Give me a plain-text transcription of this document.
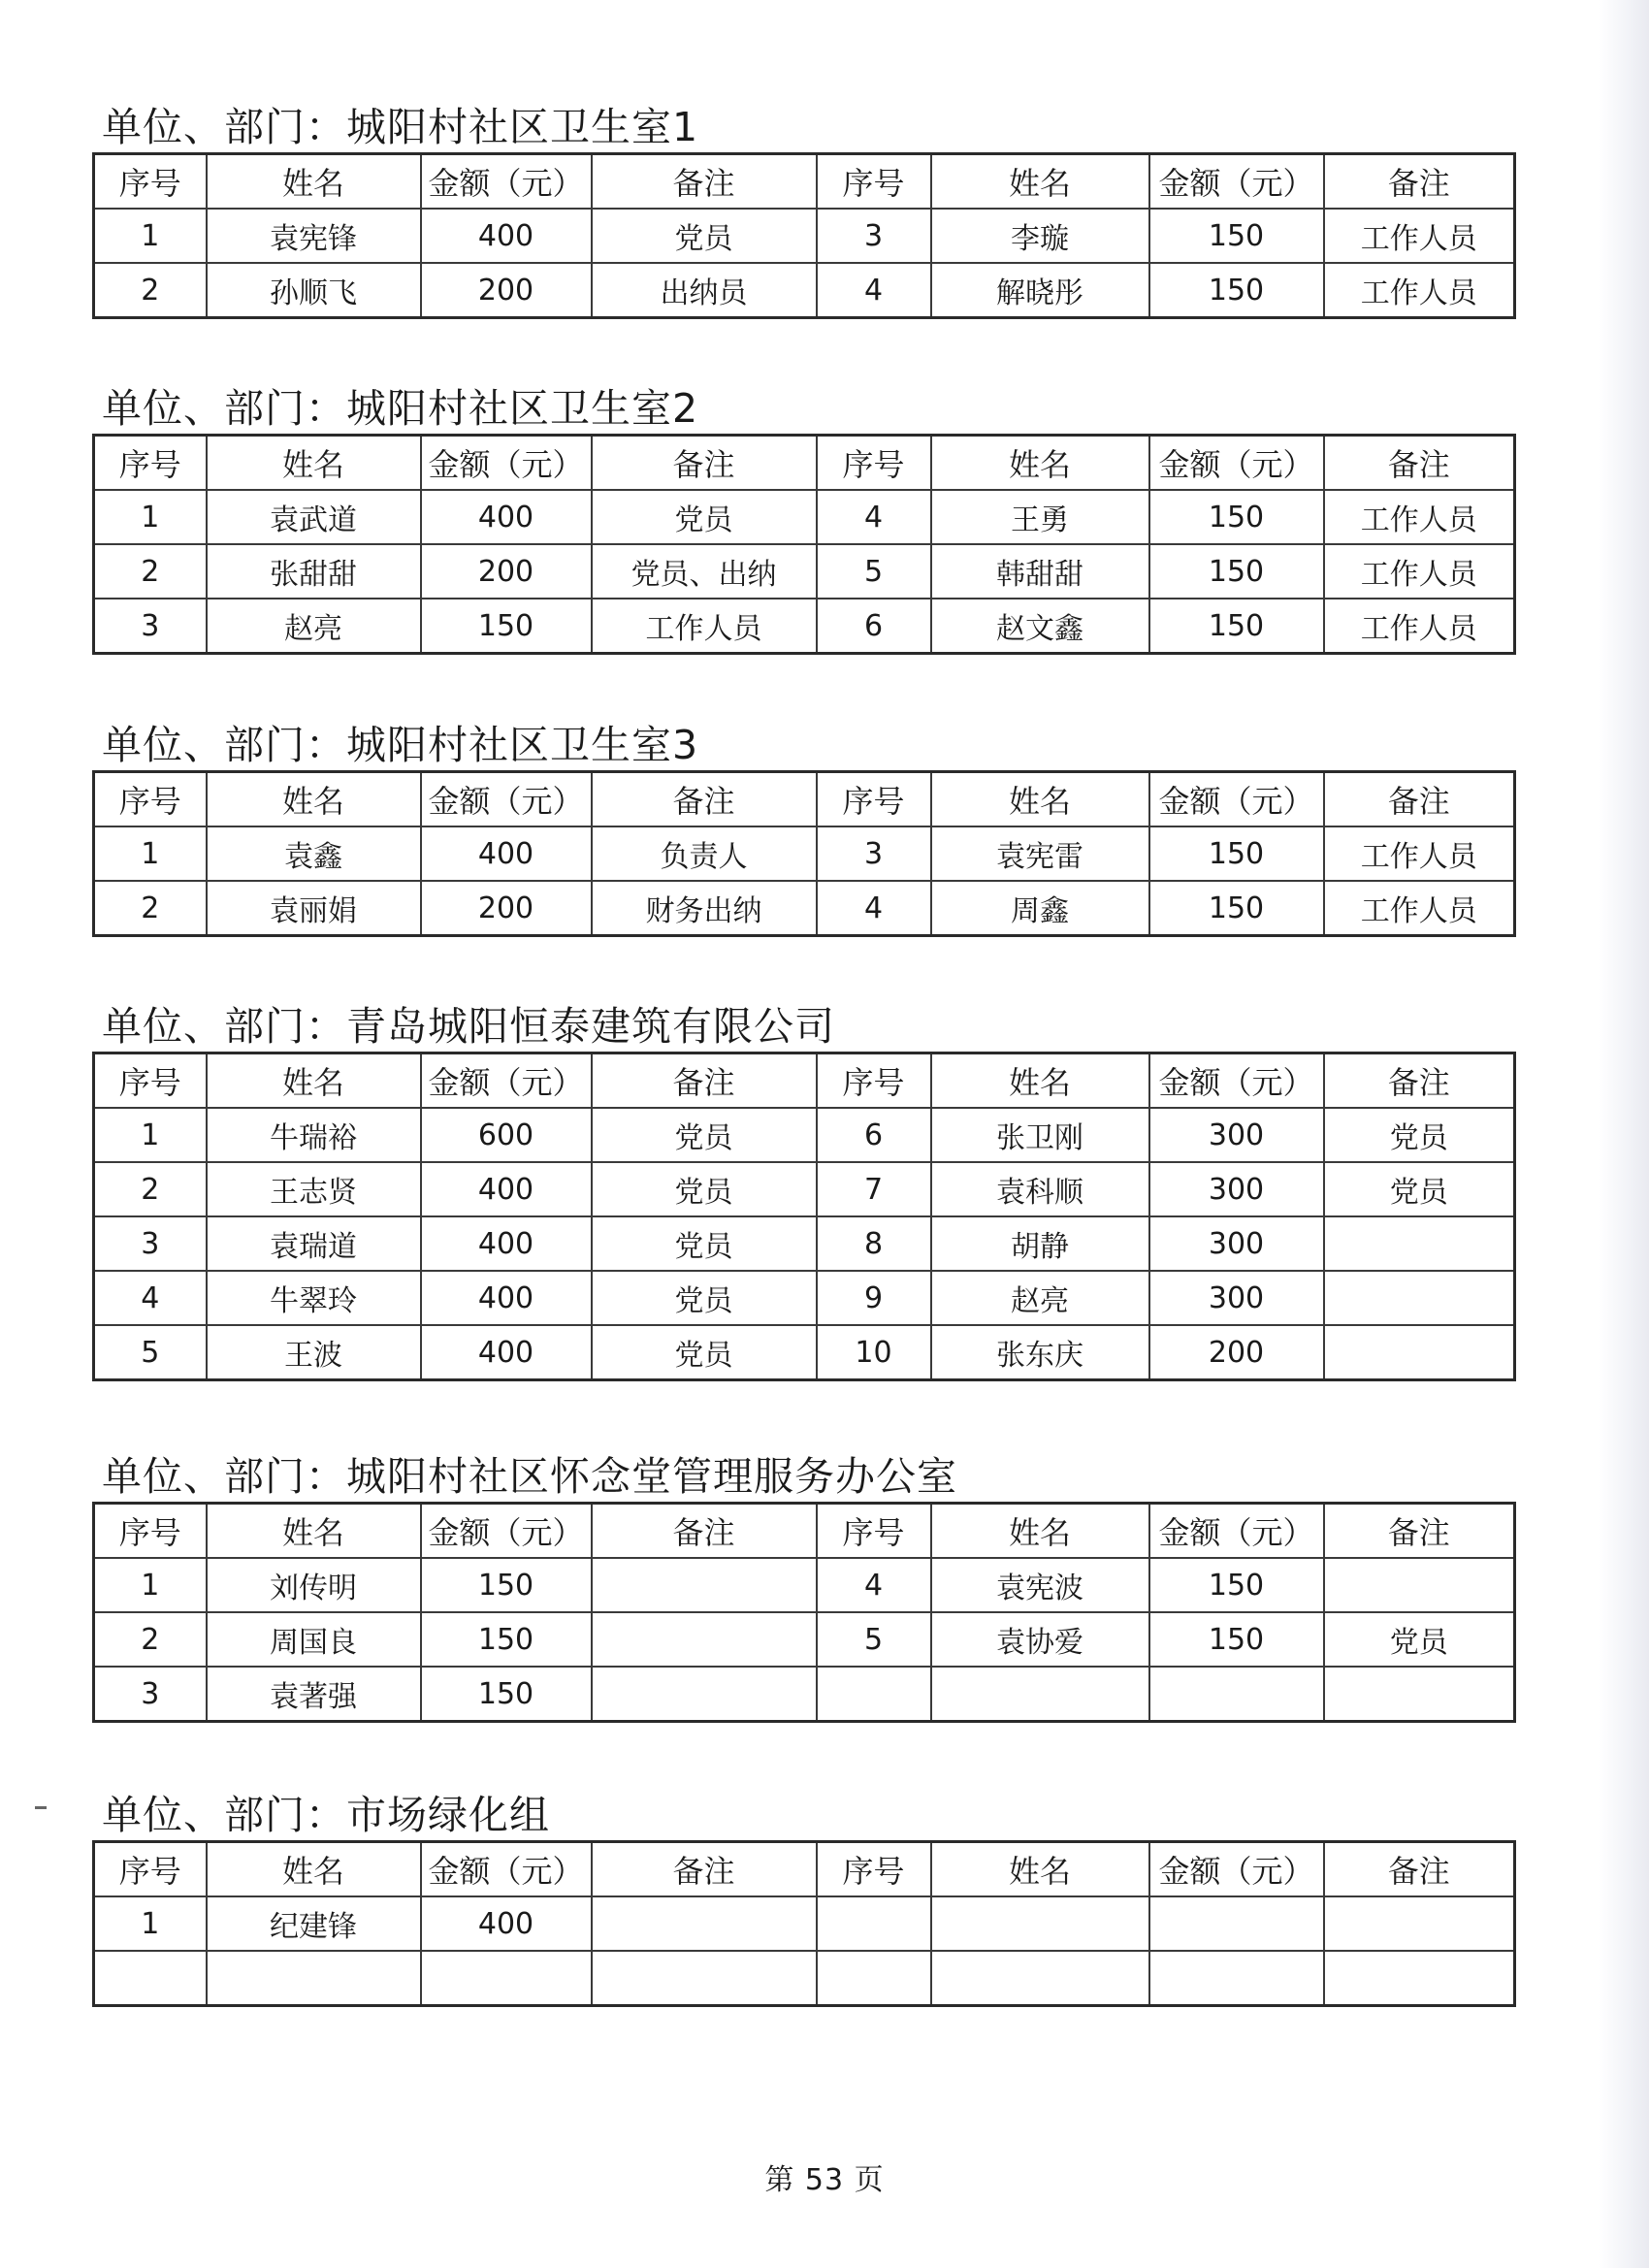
单位、部门：城阳村社区卫生室1
序号	姓名	金额（元）	备注	序号	姓名	金额（元）	备注
1	袁宪锋	400	党员	3	李璇	150	工作人员
2	孙顺飞	200	出纳员	4	解晓彤	150	工作人员
单位、部门：城阳村社区卫生室2
序号	姓名	金额（元）	备注	序号	姓名	金额（元）	备注
1	袁武道	400	党员	4	王勇	150	工作人员
2	张甜甜	200	党员、出纳	5	韩甜甜	150	工作人员
3	赵亮	150	工作人员	6	赵文鑫	150	工作人员
单位、部门：城阳村社区卫生室3
序号	姓名	金额（元）	备注	序号	姓名	金额（元）	备注
1	袁鑫	400	负责人	3	袁宪雷	150	工作人员
2	袁丽娟	200	财务出纳	4	周鑫	150	工作人员
单位、部门：青岛城阳恒泰建筑有限公司
序号	姓名	金额（元）	备注	序号	姓名	金额（元）	备注
1	牛瑞裕	600	党员	6	张卫刚	300	党员
2	王志贤	400	党员	7	袁科顺	300	党员
3	袁瑞道	400	党员	8	胡静	300	
4	牛翠玲	400	党员	9	赵亮	300	
5	王波	400	党员	10	张东庆	200	
单位、部门：城阳村社区怀念堂管理服务办公室
序号	姓名	金额（元）	备注	序号	姓名	金额（元）	备注
1	刘传明	150		4	袁宪波	150	
2	周国良	150		5	袁协爱	150	党员
3	袁著强	150					
单位、部门：市场绿化组
序号	姓名	金额（元）	备注	序号	姓名	金额（元）	备注
1	纪建锋	400					

第 53 页
